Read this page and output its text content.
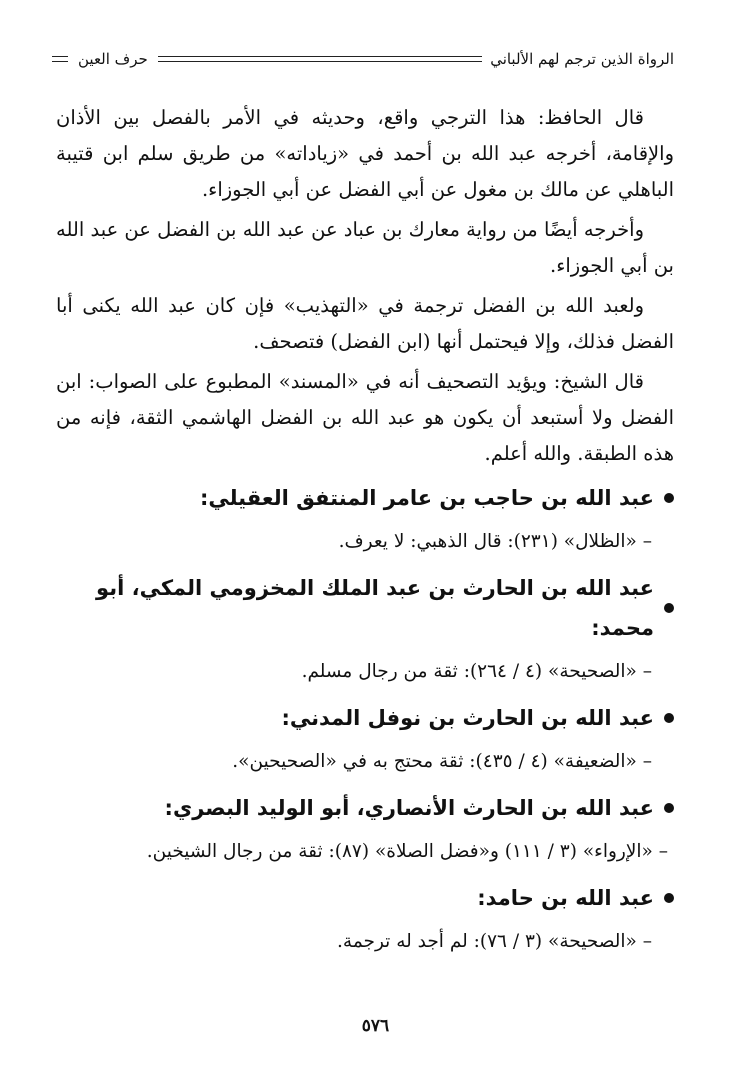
الرواة الذين ترجم لهم الألباني
حرف العين

قال الحافظ: هذا الترجي واقع، وحديثه في الأمر بالفصل بين الأذان والإقامة، أخرجه عبد الله بن أحمد في «زياداته» من طريق سلم ابن قتيبة الباهلي عن مالك بن مغول عن أبي الفضل عن أبي الجوزاء.

وأخرجه أيضًا من رواية معارك بن عباد عن عبد الله بن الفضل عن عبد الله بن أبي الجوزاء.

ولعبد الله بن الفضل ترجمة في «التهذيب» فإن كان عبد الله يكنى أبا الفضل فذلك، وإلا فيحتمل أنها (ابن الفضل) فتصحف.

قال الشيخ: ويؤيد التصحيف أنه في «المسند» المطبوع على الصواب: ابن الفضل ولا أستبعد أن يكون هو عبد الله بن الفضل الهاشمي الثقة، فإنه من هذه الطبقة. والله أعلم.

عبد الله بن حاجب بن عامر المنتفق العقيلي:

– «الظلال» (٢٣١): قال الذهبي: لا يعرف.

عبد الله بن الحارث بن عبد الملك المخزومي المكي، أبو محمد:

– «الصحيحة» (٤ / ٢٦٤): ثقة من رجال مسلم.

عبد الله بن الحارث بن نوفل المدني:

– «الضعيفة» (٤ / ٤٣٥): ثقة محتج به في «الصحيحين».

عبد الله بن الحارث الأنصاري، أبو الوليد البصري:

– «الإرواء» (٣ / ١١١) و«فضل الصلاة» (٨٧): ثقة من رجال الشيخين.

عبد الله بن حامد:

– «الصحيحة» (٣ / ٧٦): لم أجد له ترجمة.

٥٧٦
